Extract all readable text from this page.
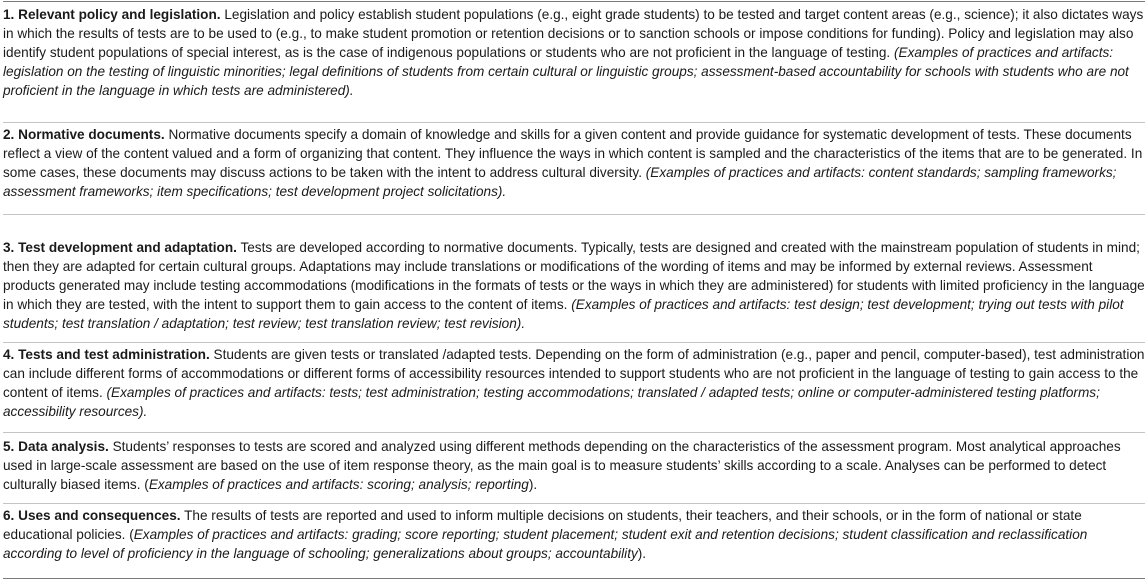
1. Relevant policy and legislation. Legislation and policy establish student populations (e.g., eight grade students) to be tested and target content areas (e.g., science); it also dictates ways in which the results of tests are to be used to (e.g., to make student promotion or retention decisions or to sanction schools or impose conditions for funding). Policy and legislation may also identify student populations of special interest, as is the case of indigenous populations or students who are not proficient in the language of testing. (Examples of practices and artifacts: legislation on the testing of linguistic minorities; legal definitions of students from certain cultural or linguistic groups; assessment-based accountability for schools with students who are not proficient in the language in which tests are administered).

2. Normative documents. Normative documents specify a domain of knowledge and skills for a given content and provide guidance for systematic development of tests. These documents reflect a view of the content valued and a form of organizing that content. They influence the ways in which content is sampled and the characteristics of the items that are to be generated. In some cases, these documents may discuss actions to be taken with the intent to address cultural diversity. (Examples of practices and artifacts: content standards; sampling frameworks; assessment frameworks; item specifications; test development project solicitations).

3. Test development and adaptation. Tests are developed according to normative documents. Typically, tests are designed and created with the mainstream population of students in mind; then they are adapted for certain cultural groups. Adaptations may include translations or modifications of the wording of items and may be informed by external reviews. Assessment products generated may include testing accommodations (modifications in the formats of tests or the ways in which they are administered) for students with limited proficiency in the language in which they are tested, with the intent to support them to gain access to the content of items. (Examples of practices and artifacts: test design; test development; trying out tests with pilot students; test translation / adaptation; test review; test translation review; test revision).

4. Tests and test administration. Students are given tests or translated /adapted tests. Depending on the form of administration (e.g., paper and pencil, computer-based), test administration can include different forms of accommodations or different forms of accessibility resources intended to support students who are not proficient in the language of testing to gain access to the content of items. (Examples of practices and artifacts: tests; test administration; testing accommodations; translated / adapted tests; online or computer-administered testing platforms; accessibility resources).

5. Data analysis. Students’ responses to tests are scored and analyzed using different methods depending on the characteristics of the assessment program. Most analytical approaches used in large-scale assessment are based on the use of item response theory, as the main goal is to measure students’ skills according to a scale. Analyses can be performed to detect culturally biased items. (Examples of practices and artifacts: scoring; analysis; reporting).

6. Uses and consequences. The results of tests are reported and used to inform multiple decisions on students, their teachers, and their schools, or in the form of national or state educational policies. (Examples of practices and artifacts: grading; score reporting; student placement; student exit and retention decisions; student classification and reclassification according to level of proficiency in the language of schooling; generalizations about groups; accountability).
